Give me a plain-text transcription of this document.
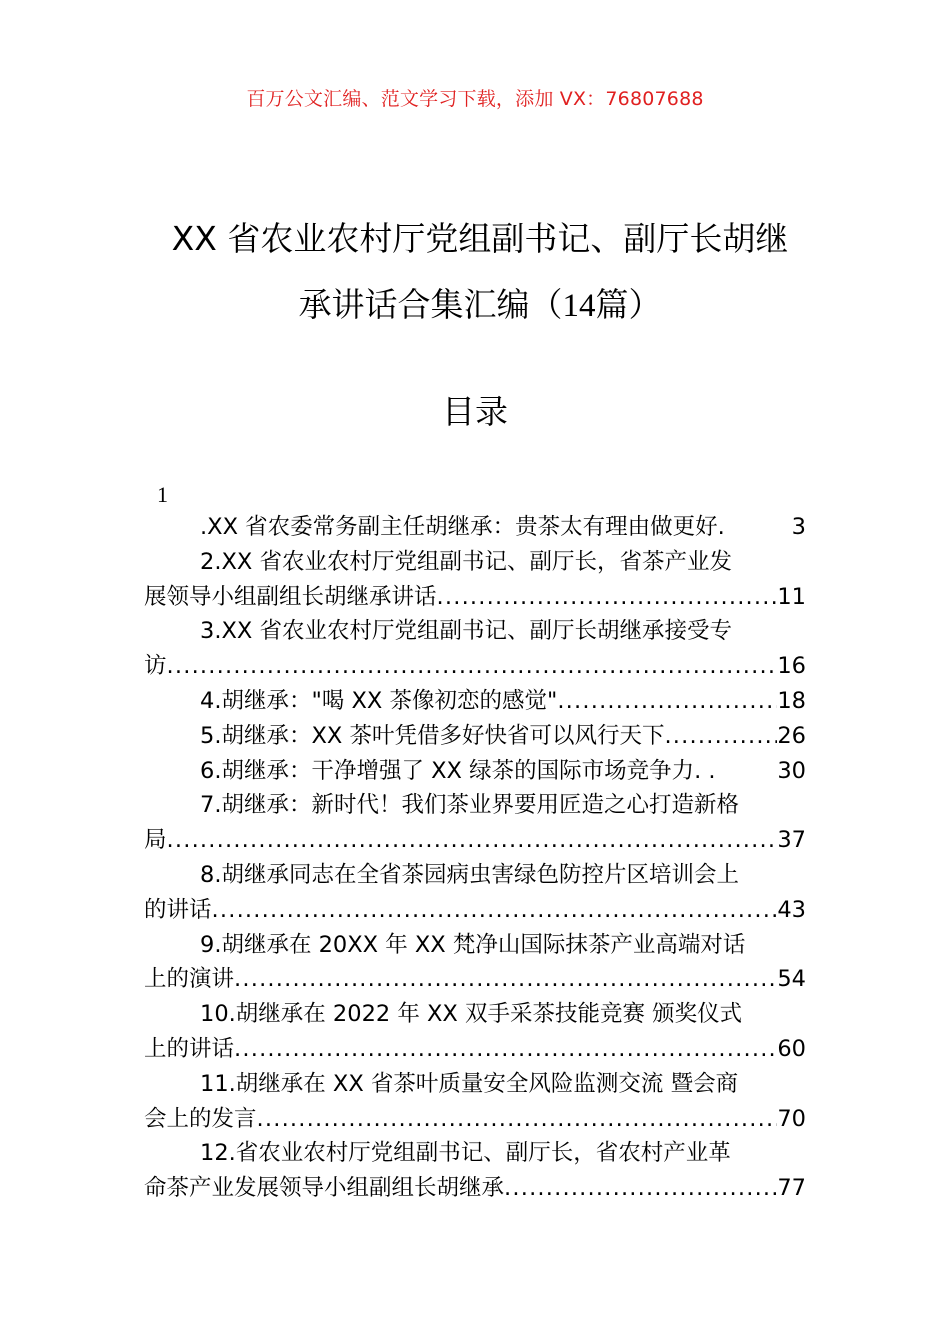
百万公文汇编、范文学习下载，添加 VX：76807688
XX 省农业农村厅党组副书记、副厅长胡继
承讲话合集汇编（14篇）
目录
1
.XX 省农委常务副主任胡继承：贵茶太有理由做更好.	3
2.XX 省农业农村厅党组副书记、副厅长，省茶产业发
展领导小组副组长胡继承讲话 .....	11
3.XX 省农业农村厅党组副书记、副厅长胡继承接受专
访 .....	16
4.胡继承："喝 XX 茶像初恋的感觉" .....	18
5.胡继承：XX 茶叶凭借多好快省可以风行天下 .....	26
6.胡继承：干净增强了 XX 绿茶的国际市场竞争力. .	30
7.胡继承：新时代！我们茶业界要用匠造之心打造新格
局 .....	37
8.胡继承同志在全省茶园病虫害绿色防控片区培训会上
的讲话 .....	43
9.胡继承在 20XX 年 XX 梵净山国际抹茶产业高端对话
上的演讲 .....	54
10.胡继承在 2022 年 XX 双手采茶技能竞赛 颁奖仪式
上的讲话 .....	60
11.胡继承在 XX 省茶叶质量安全风险监测交流 暨会商
会上的发言 .....	70
12.省农业农村厅党组副书记、副厅长，省农村产业革
命茶产业发展领导小组副组长胡继承 .....	77
